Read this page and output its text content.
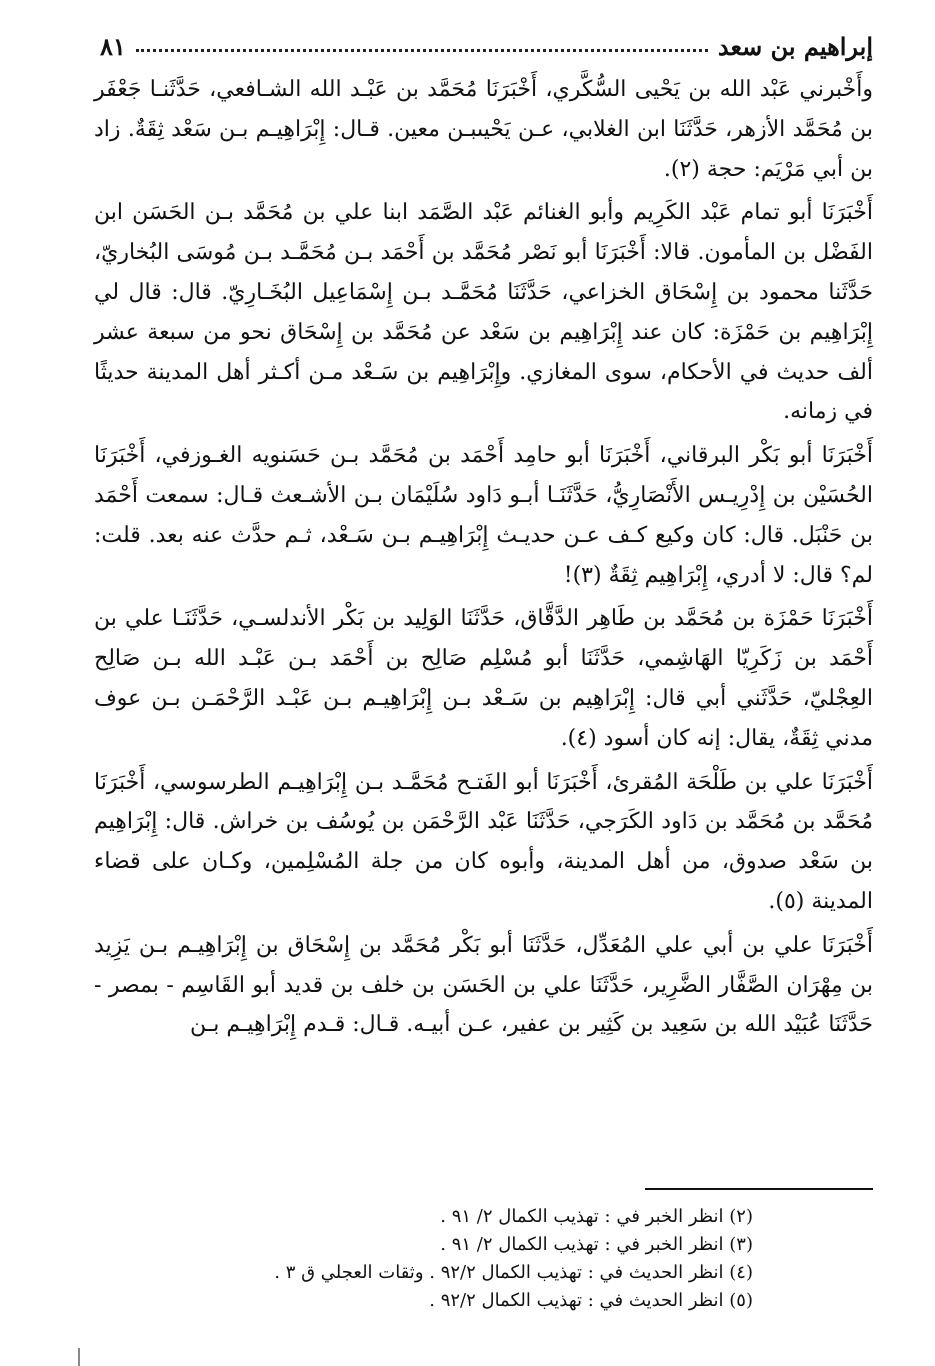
إبراهيم بن سعد
٨١

وأَخْبرني عَبْد الله بن يَحْيى السُّكَّري، أَخْبَرَنَا مُحَمَّد بن عَبْـد الله الشـافعي، حَدَّثَنـا جَعْفَر بن مُحَمَّد الأزهر، حَدَّثَنَا ابن الغلابي، عـن يَحْيىبـن معين. قـال: إِبْرَاهِيـم بـن سَعْد ثِقَةٌ. زاد بن أبي مَرْيَم: حجة (٢).

أَخْبَرَنَا أبو تمام عَبْد الكَرِيم وأبو الغنائم عَبْد الصَّمَد ابنا علي بن مُحَمَّد بـن الحَسَن ابن الفَضْل بن المأمون. قالا: أَخْبَرَنَا أبو نَصْر مُحَمَّد بن أَحْمَد بـن مُحَمَّـد بـن مُوسَى البُخاريّ، حَدَّثَنا محمود بن إِسْحَاق الخزاعي، حَدَّثَنَا مُحَمَّـد بـن إِسْمَاعِيل البُخَـارِيّ. قال: قال لي إِبْرَاهِيم بن حَمْزَة: كان عند إِبْرَاهِيم بن سَعْد عن مُحَمَّد بن إِسْحَاق نحو من سبعة عشر ألف حديث في الأحكام، سوى المغازي. وإِبْرَاهِيم بن سَـعْد مـن أكـثر أهل المدينة حديثًا في زمانه.

أَخْبَرَنَا أبو بَكْر البرقاني، أَخْبَرَنَا أبو حامِد أَحْمَد بن مُحَمَّد بـن حَسَنويه الغـوزفي، أَخْبَرَنَا الحُسَيْن بن إِدْرِيـس الأَنْصَارِيُّ، حَدَّثَنَـا أبـو دَاود سُلَيْمَان بـن الأشـعث قـال: سمعت أَحْمَد بن حَنْبَل. قال: كان وكيع كـف عـن حديـث إِبْرَاهِيـم بـن سَـعْد، ثـم حدَّث عنه بعد. قلت: لم؟ قال: لا أدري، إِبْرَاهِيم ثِقَةٌ (٣)!

أَخْبَرَنَا حَمْزَة بن مُحَمَّد بن طَاهِر الدَّقَّاق، حَدَّثَنَا الوَلِيد بن بَكْر الأندلسـي، حَدَّثَنَـا علي بن أَحْمَد بن زَكَرِيّا الهَاشِمي، حَدَّثَنَا أبو مُسْلِم صَالِح بن أَحْمَد بـن عَبْـد الله بـن صَالِح العِجْليّ، حَدَّثَني أبي قال: إِبْرَاهِيم بن سَـعْد بـن إِبْرَاهِيـم بـن عَبْـد الرَّحْمَـن بـن عوف مدني ثِقَةٌ، يقال: إنه كان أسود (٤).

أَخْبَرَنَا علي بن طَلْحَة المُقرئ، أَخْبَرَنَا أبو الفَتـح مُحَمَّـد بـن إِبْرَاهِيـم الطرسوسي، أَخْبَرَنَا مُحَمَّد بن مُحَمَّد بن دَاود الكَرَجي، حَدَّثَنَا عَبْد الرَّحْمَن بن يُوسُف بن خراش. قال: إِبْرَاهِيم بن سَعْد صدوق، من أهل المدينة، وأبوه كان من جلة المُسْلِمين، وكـان على قضاء المدينة (٥).

أَخْبَرَنَا علي بن أبي علي المُعَدِّل، حَدَّثَنَا أبو بَكْر مُحَمَّد بن إِسْحَاق بن إِبْرَاهِيـم بـن يَزِيد بن مِهْرَان الصَّفَّار الضَّرِير، حَدَّثَنَا علي بن الحَسَن بن خلف بن قديد أبو القَاسِم - بمصر - حَدَّثَنَا عُبَيْد الله بن سَعِيد بن كَثِير بن عفير، عـن أبيـه. قـال: قـدم إِبْرَاهِيـم بـن

(٢) انظر الخبر في : تهذيب الكمال ٢/ ٩١ .

(٣) انظر الخبر في : تهذيب الكمال ٢/ ٩١ .

(٤) انظر الحديث في : تهذيب الكمال ٩٢/٢ . وثقات العجلي ق ٣ .

(٥) انظر الحديث في : تهذيب الكمال ٩٢/٢ .
